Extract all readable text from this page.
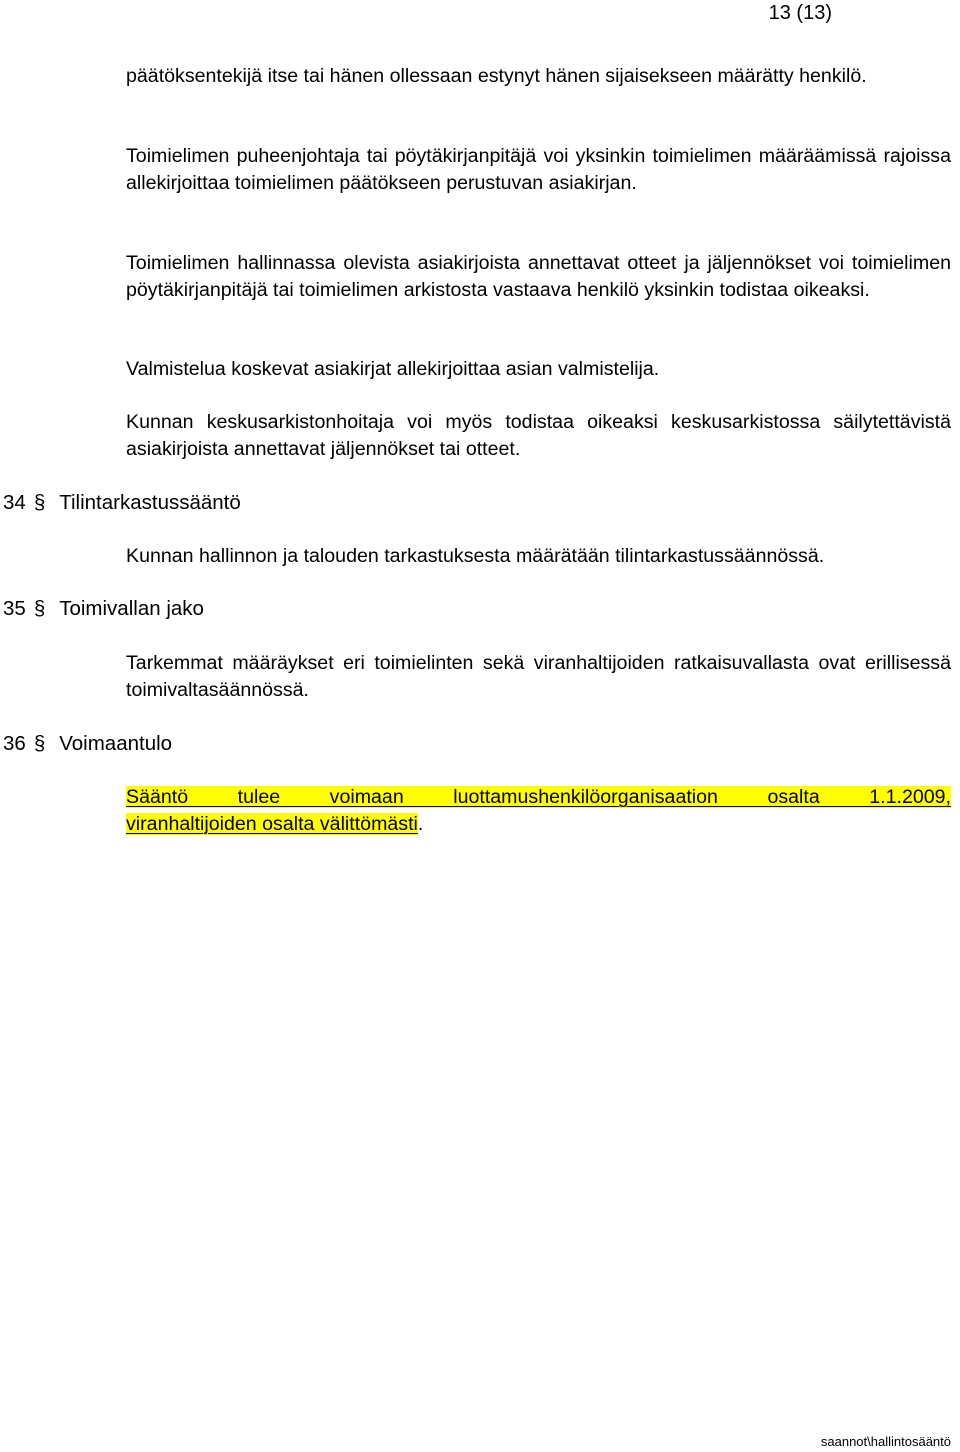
13 (13)

päätöksentekijä itse tai hänen ollessaan estynyt hänen sijaisekseen määrätty henkilö.

Toimielimen puheenjohtaja tai pöytäkirjanpitäjä voi yksinkin toimielimen määräämissä rajoissa allekirjoittaa toimielimen päätökseen perustuvan asiakirjan.

Toimielimen hallinnassa olevista asiakirjoista annettavat otteet ja jäljennökset voi toimielimen pöytäkirjanpitäjä tai toimielimen arkistosta vastaava henkilö yksinkin todistaa oikeaksi.

Valmistelua koskevat asiakirjat allekirjoittaa asian valmistelija.

Kunnan keskusarkistonhoitaja voi myös todistaa oikeaksi keskusarkistossa säilytettävistä asiakirjoista annettavat jäljennökset tai otteet.

34 § Tilintarkastussääntö

Kunnan hallinnon ja talouden tarkastuksesta määrätään tilintarkastussäännössä.

35 § Toimivallan jako

Tarkemmat määräykset eri toimielinten sekä viranhaltijoiden ratkaisuvallasta ovat erillisessä toimivaltasäännössä.

36 § Voimaantulo
Sääntö tulee voimaan luottamushenkilöorganisaation osalta 1.1.2009,
viranhaltijoiden osalta välittömästi.
saannot\hallintosääntö
